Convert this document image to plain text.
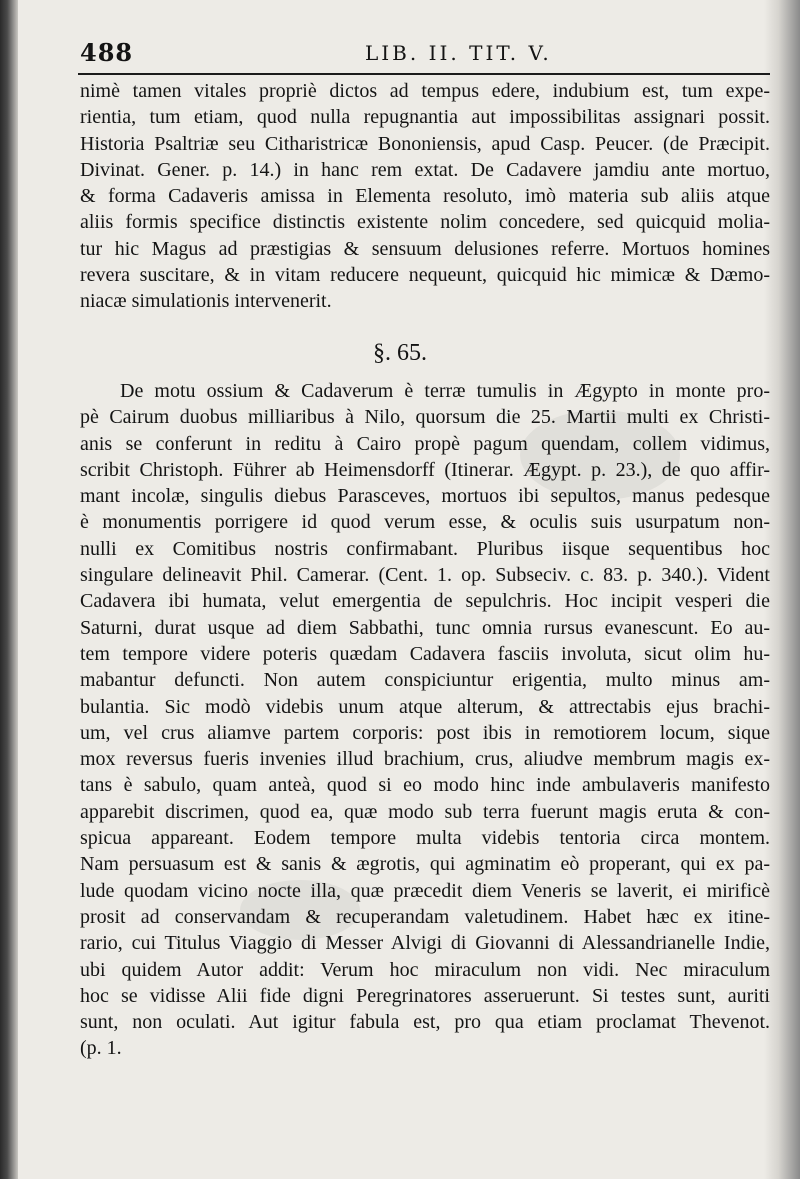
488	LIB. II. TIT. V.
nimè tamen vitales propriè dictos ad tempus edere, indubium est, tum expe-
rientia, tum etiam, quod nulla repugnantia aut impossibilitas assignari possit.
Historia Psaltriæ seu Citharistricæ Bononiensis, apud Casp. Peucer. (de Præcipit.
Divinat. Gener. p. 14.) in hanc rem extat. De Cadavere jamdiu ante mortuo,
& forma Cadaveris amissa in Elementa resoluto, imò materia sub aliis atque
aliis formis specifice distinctis existente nolim concedere, sed quicquid molia-
tur hic Magus ad præstigias & sensuum delusiones referre. Mortuos homines
revera suscitare, & in vitam reducere nequeunt, quicquid hic mimicæ & Dæmo-
niacæ simulationis intervenerit.
§. 65.
De motu ossium & Cadaverum è terræ tumulis in Ægypto in monte pro-
pè Cairum duobus milliaribus à Nilo, quorsum die 25. Martii multi ex Christi-
anis se conferunt in reditu à Cairo propè pagum quendam, collem vidimus,
scribit Christoph. Führer ab Heimensdorff (Itinerar. Ægypt. p. 23.), de quo affir-
mant incolæ, singulis diebus Parasceves, mortuos ibi sepultos, manus pedesque
è monumentis porrigere id quod verum esse, & oculis suis usurpatum non-
nulli ex Comitibus nostris confirmabant. Pluribus iisque sequentibus hoc
singulare delineavit Phil. Camerar. (Cent. 1. op. Subseciv. c. 83. p. 340.). Vident
Cadavera ibi humata, velut emergentia de sepulchris. Hoc incipit vesperi die
Saturni, durat usque ad diem Sabbathi, tunc omnia rursus evanescunt. Eo au-
tem tempore videre poteris quædam Cadavera fasciis involuta, sicut olim hu-
mabantur defuncti. Non autem conspiciuntur erigentia, multo minus am-
bulantia. Sic modò videbis unum atque alterum, & attrectabis ejus brachi-
um, vel crus aliamve partem corporis: post ibis in remotiorem locum, sique
mox reversus fueris invenies illud brachium, crus, aliudve membrum magis ex-
tans è sabulo, quam anteà, quod si eo modo hinc inde ambulaveris manifesto
apparebit discrimen, quod ea, quæ modo sub terra fuerunt magis eruta & con-
spicua appareant. Eodem tempore multa videbis tentoria circa montem.
Nam persuasum est & sanis & ægrotis, qui agminatim eò properant, qui ex pa-
lude quodam vicino nocte illa, quæ præcedit diem Veneris se laverit, ei mirificè
prosit ad conservandam & recuperandam valetudinem. Habet hæc ex itine-
rario, cui Titulus Viaggio di Messer Alvigi di Giovanni di Alessandrianelle Indie,
ubi quidem Autor addit: Verum hoc miraculum non vidi. Nec miraculum
hoc se vidisse Alii fide digni Peregrinatores asseruerunt. Si testes sunt, auriti
sunt, non oculati. Aut igitur fabula est, pro qua etiam proclamat Thevenot.
(p. 1.
